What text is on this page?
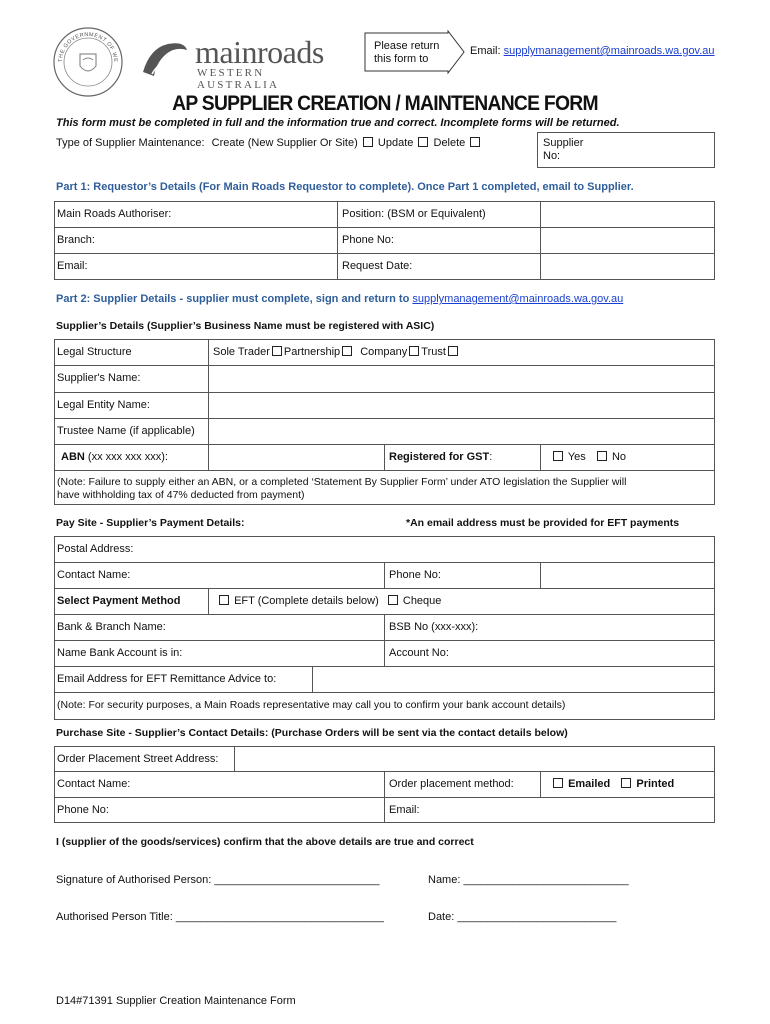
THE GOVERNMENT OF WE mainroads
WESTERN AUSTRALIA
Please return
this form to
Email: supplymanagement@mainroads.wa.gov.au
AP SUPPLIER CREATION / MAINTENANCE FORM
This form must be completed in full and the information true and correct. Incomplete forms will be returned.
Type of Supplier Maintenance: Create (New Supplier Or Site) Update Delete	Supplier
No:
Part 1: Requestor’s Details (For Main Roads Requestor to complete). Once Part 1 completed, email to Supplier.
Main Roads Authoriser:	Position: (BSM or Equivalent)
Branch:	Phone No:
Email:	Request Date:
Part 2: Supplier Details - supplier must complete, sign and return to supplymanagement@mainroads.wa.gov.au
Supplier’s Details (Supplier’s Business Name must be registered with ASIC)
Legal Structure	Sole Trader Partnership Company Trust
Supplier's Name:
Legal Entity Name:
Trustee Name (if applicable)
ABN (xx xxx xxx xxx):	Registered for GST:	Yes No
(Note: Failure to supply either an ABN, or a completed ‘Statement By Supplier Form’ under ATO legislation the Supplier will
have withholding tax of 47% deducted from payment)
Pay Site - Supplier’s Payment Details:	*An email address must be provided for EFT payments
Postal Address:
Contact Name:	Phone No:
Select Payment Method	EFT (Complete details below) Cheque
Bank & Branch Name:	BSB No (xxx-xxx):
Name Bank Account is in:	Account No:
Email Address for EFT Remittance Advice to:
(Note: For security purposes, a Main Roads representative may call you to confirm your bank account details)
Purchase Site - Supplier’s Contact Details: (Purchase Orders will be sent via the contact details below)
Order Placement Street Address:
Contact Name:	Order placement method:	Emailed Printed
Phone No:	Email:
I (supplier of the goods/services) confirm that the above details are true and correct
Signature of Authorised Person: ___________________________	Name: ___________________________
Authorised Person Title: __________________________________	Date: __________________________
D14#71391 Supplier Creation Maintenance Form
